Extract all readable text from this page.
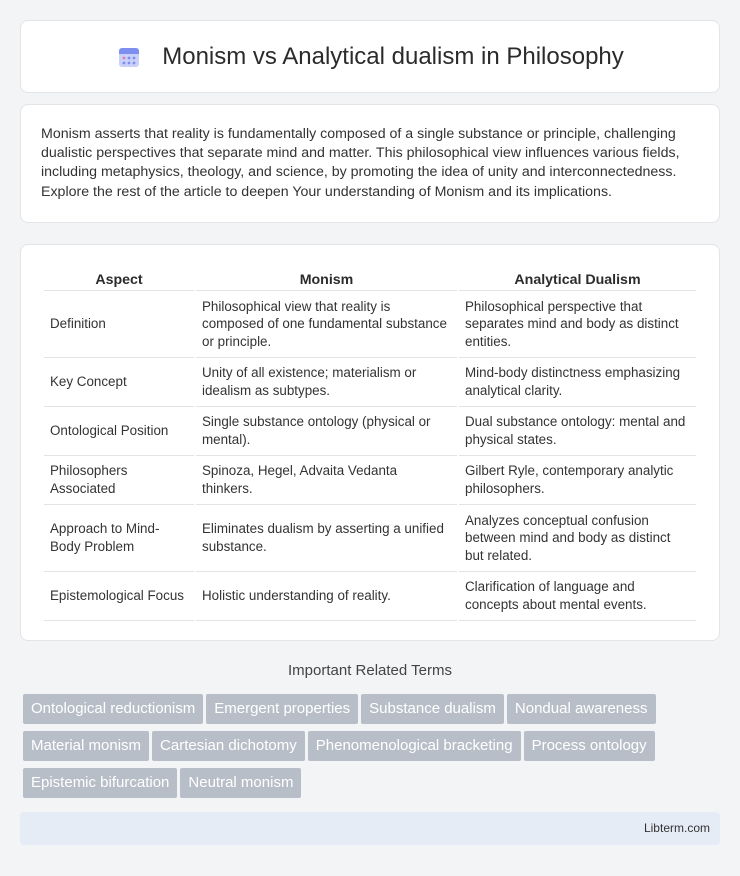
Monism vs Analytical dualism in Philosophy

Monism asserts that reality is fundamentally composed of a single substance or principle, challenging dualistic perspectives that separate mind and matter. This philosophical view influences various fields, including metaphysics, theology, and science, by promoting the idea of unity and interconnectedness. Explore the rest of the article to deepen Your understanding of Monism and its implications.

Aspect	Monism	Analytical Dualism
Definition	Philosophical view that reality is composed of one fundamental substance or principle.	Philosophical perspective that separates mind and body as distinct entities.
Key Concept	Unity of all existence; materialism or idealism as subtypes.	Mind-body distinctness emphasizing analytical clarity.
Ontological Position	Single substance ontology (physical or mental).	Dual substance ontology: mental and physical states.
Philosophers Associated	Spinoza, Hegel, Advaita Vedanta thinkers.	Gilbert Ryle, contemporary analytic philosophers.
Approach to Mind-Body Problem	Eliminates dualism by asserting a unified substance.	Analyzes conceptual confusion between mind and body as distinct but related.
Epistemological Focus	Holistic understanding of reality.	Clarification of language and concepts about mental events.
Important Related Terms
Ontological reductionism Emergent properties Substance dualism Nondual awareness
Material monism Cartesian dichotomy Phenomenological bracketing Process ontology
Epistemic bifurcation Neutral monism
Libterm.com
